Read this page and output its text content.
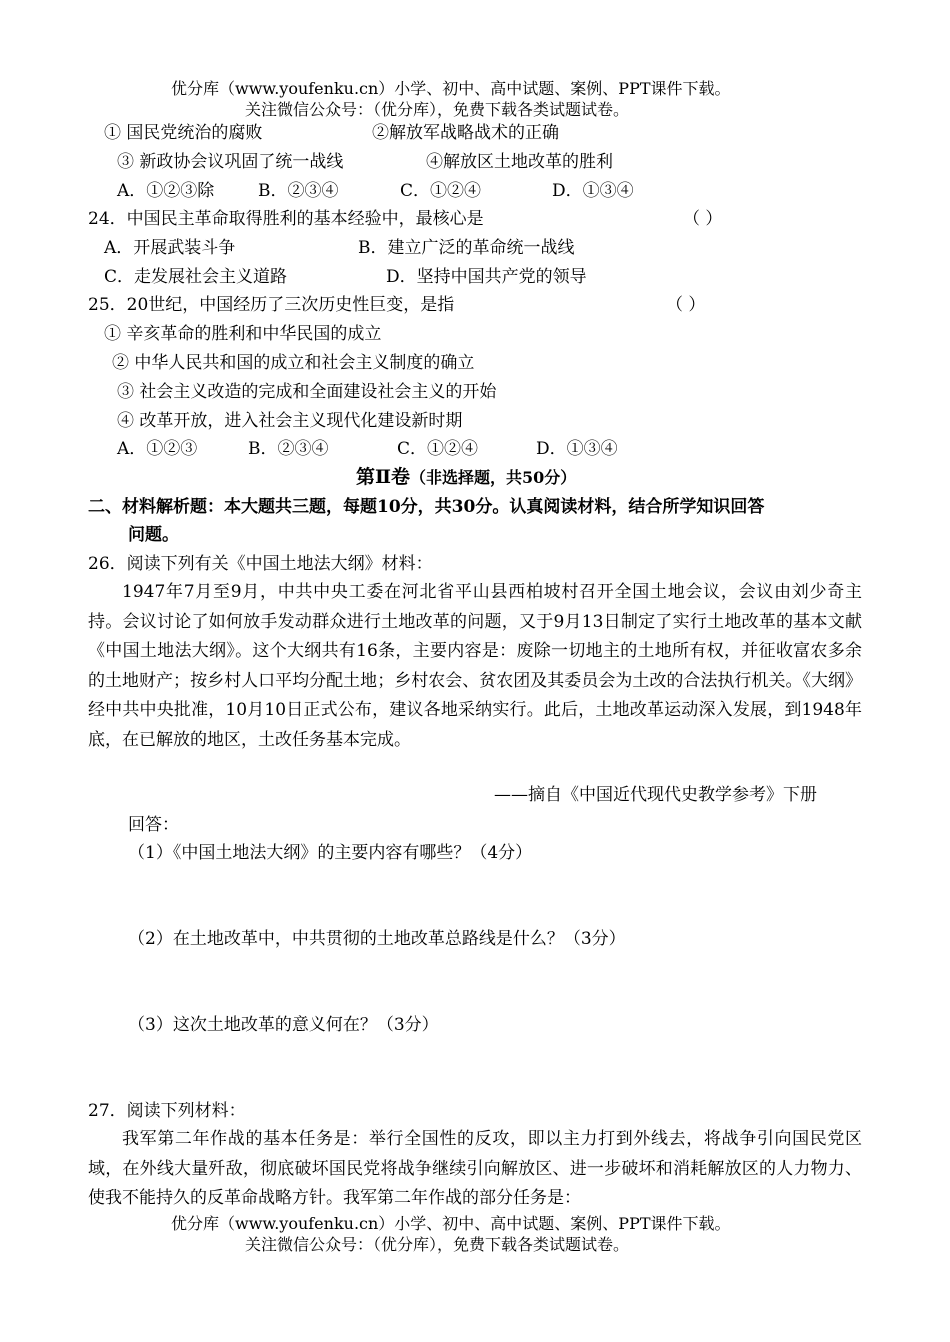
优分库（www.youfenku.cn）小学、初中、高中试题、案例、PPT课件下载。
关注微信公众号：（优分库），免费下载各类试题试卷。
① 国民党统治的腐败	②解放军战略战术的正确
③ 新政协会议巩固了统一战线	④解放区土地改革的胜利
A．①②③除	B．②③④	C．①②④	D．①③④
24．中国民主革命取得胜利的基本经验中，最核心是	（ ）
A．开展武装斗争	B．建立广泛的革命统一战线
C．走发展社会主义道路	D．坚持中国共产党的领导
25．20世纪，中国经历了三次历史性巨变，是指	（ ）
① 辛亥革命的胜利和中华民国的成立
② 中华人民共和国的成立和社会主义制度的确立
③ 社会主义改造的完成和全面建设社会主义的开始
④ 改革开放，进入社会主义现代化建设新时期
A．①②③	B．②③④	C．①②④	D．①③④
第Ⅱ卷（非选择题，共50分）
二、材料解析题：本大题共三题，每题10分，共30分。认真阅读材料，结合所学知识回答
问题。
26．阅读下列有关《中国土地法大纲》材料：
1947年7月至9月，中共中央工委在河北省平山县西柏坡村召开全国土地会议，会议由刘少奇主持。会议讨论了如何放手发动群众进行土地改革的问题，又于9月13日制定了实行土地改革的基本文献《中国土地法大纲》。这个大纲共有16条，主要内容是：废除一切地主的土地所有权，并征收富农多余的土地财产；按乡村人口平均分配土地；乡村农会、贫农团及其委员会为土改的合法执行机关。《大纲》经中共中央批准，10月10日正式公布，建议各地采纳实行。此后，土地改革运动深入发展，到1948年底，在已解放的地区，土改任务基本完成。
——摘自《中国近代现代史教学参考》下册
回答：
（1）《中国土地法大纲》的主要内容有哪些？（4分）
（2）在土地改革中，中共贯彻的土地改革总路线是什么？（3分）
（3）这次土地改革的意义何在？（3分）
27．阅读下列材料：
我军第二年作战的基本任务是：举行全国性的反攻，即以主力打到外线去，将战争引向国民党区域，在外线大量歼敌，彻底破坏国民党将战争继续引向解放区、进一步破坏和消耗解放区的人力物力、使我不能持久的反革命战略方针。我军第二年作战的部分任务是：
优分库（www.youfenku.cn）小学、初中、高中试题、案例、PPT课件下载。
关注微信公众号：（优分库），免费下载各类试题试卷。
